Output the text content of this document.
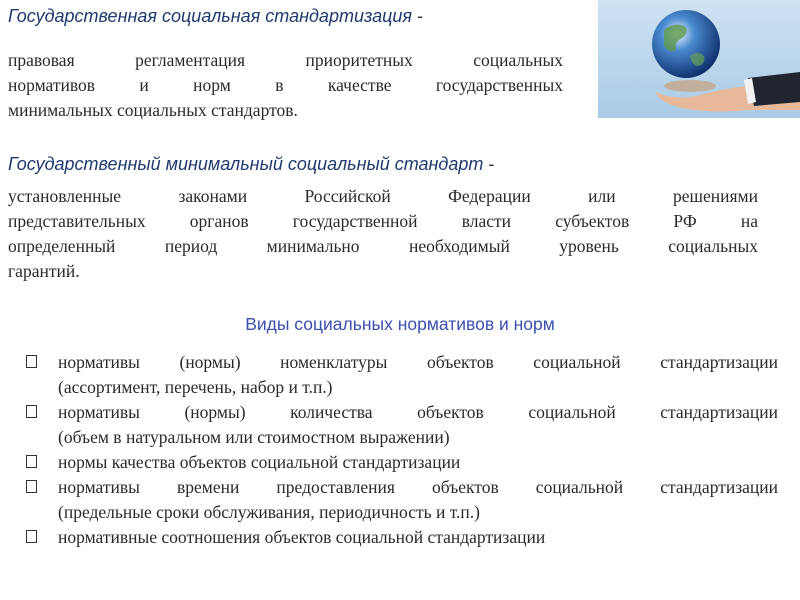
Государственная социальная стандартизация -
правовая регламентация приоритетных социальных
нормативов и норм в качестве государственных
минимальных социальных стандартов.
Государственный минимальный социальный стандарт -
установленные законами Российской Федерации или решениями
представительных органов государственной власти субъектов РФ на
определенный период минимально необходимый уровень социальных
гарантий.
Виды социальных нормативов и норм
нормативы (нормы) номенклатуры объектов социальной стандартизации
(ассортимент, перечень, набор и т.п.)
нормативы (нормы) количества объектов социальной стандартизации
(объем в натуральном или стоимостном выражении)
нормы качества объектов социальной стандартизации
нормативы времени предоставления объектов социальной стандартизации
(предельные сроки обслуживания, периодичность и т.п.)
нормативные соотношения объектов социальной стандартизации
